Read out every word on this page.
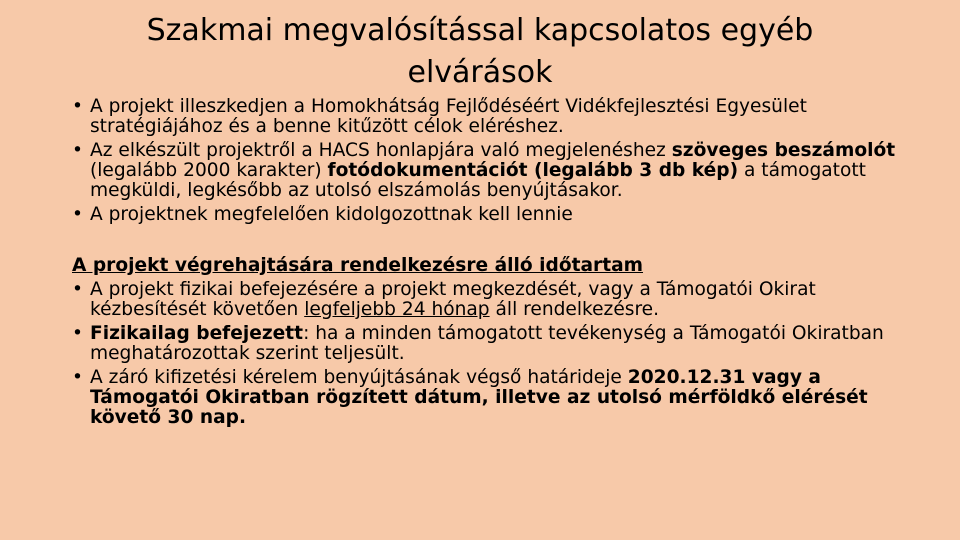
Szakmai megvalósítással kapcsolatos egyéb
elvárások
• A projekt illeszkedjen a Homokhátság Fejlődéséért Vidékfejlesztési Egyesület stratégiájához és a benne kitűzött célok eléréshez.
• Az elkészült projektről a HACS honlapjára való megjelenéshez szöveges beszámolót (legalább 2000 karakter) fotódokumentációt (legalább 3 db kép) a támogatott megküldi, legkésőbb az utolsó elszámolás benyújtásakor.
• A projektnek megfelelően kidolgozottnak kell lennie
A projekt végrehajtására rendelkezésre álló időtartam
• A projekt fizikai befejezésére a projekt megkezdését, vagy a Támogatói Okirat kézbesítését követően legfeljebb 24 hónap áll rendelkezésre.
• Fizikailag befejezett: ha a minden támogatott tevékenység a Támogatói Okiratban meghatározottak szerint teljesült.
• A záró kifizetési kérelem benyújtásának végső határideje 2020.12.31 vagy a Támogatói Okiratban rögzített dátum, illetve az utolsó mérföldkő elérését követő 30 nap.
